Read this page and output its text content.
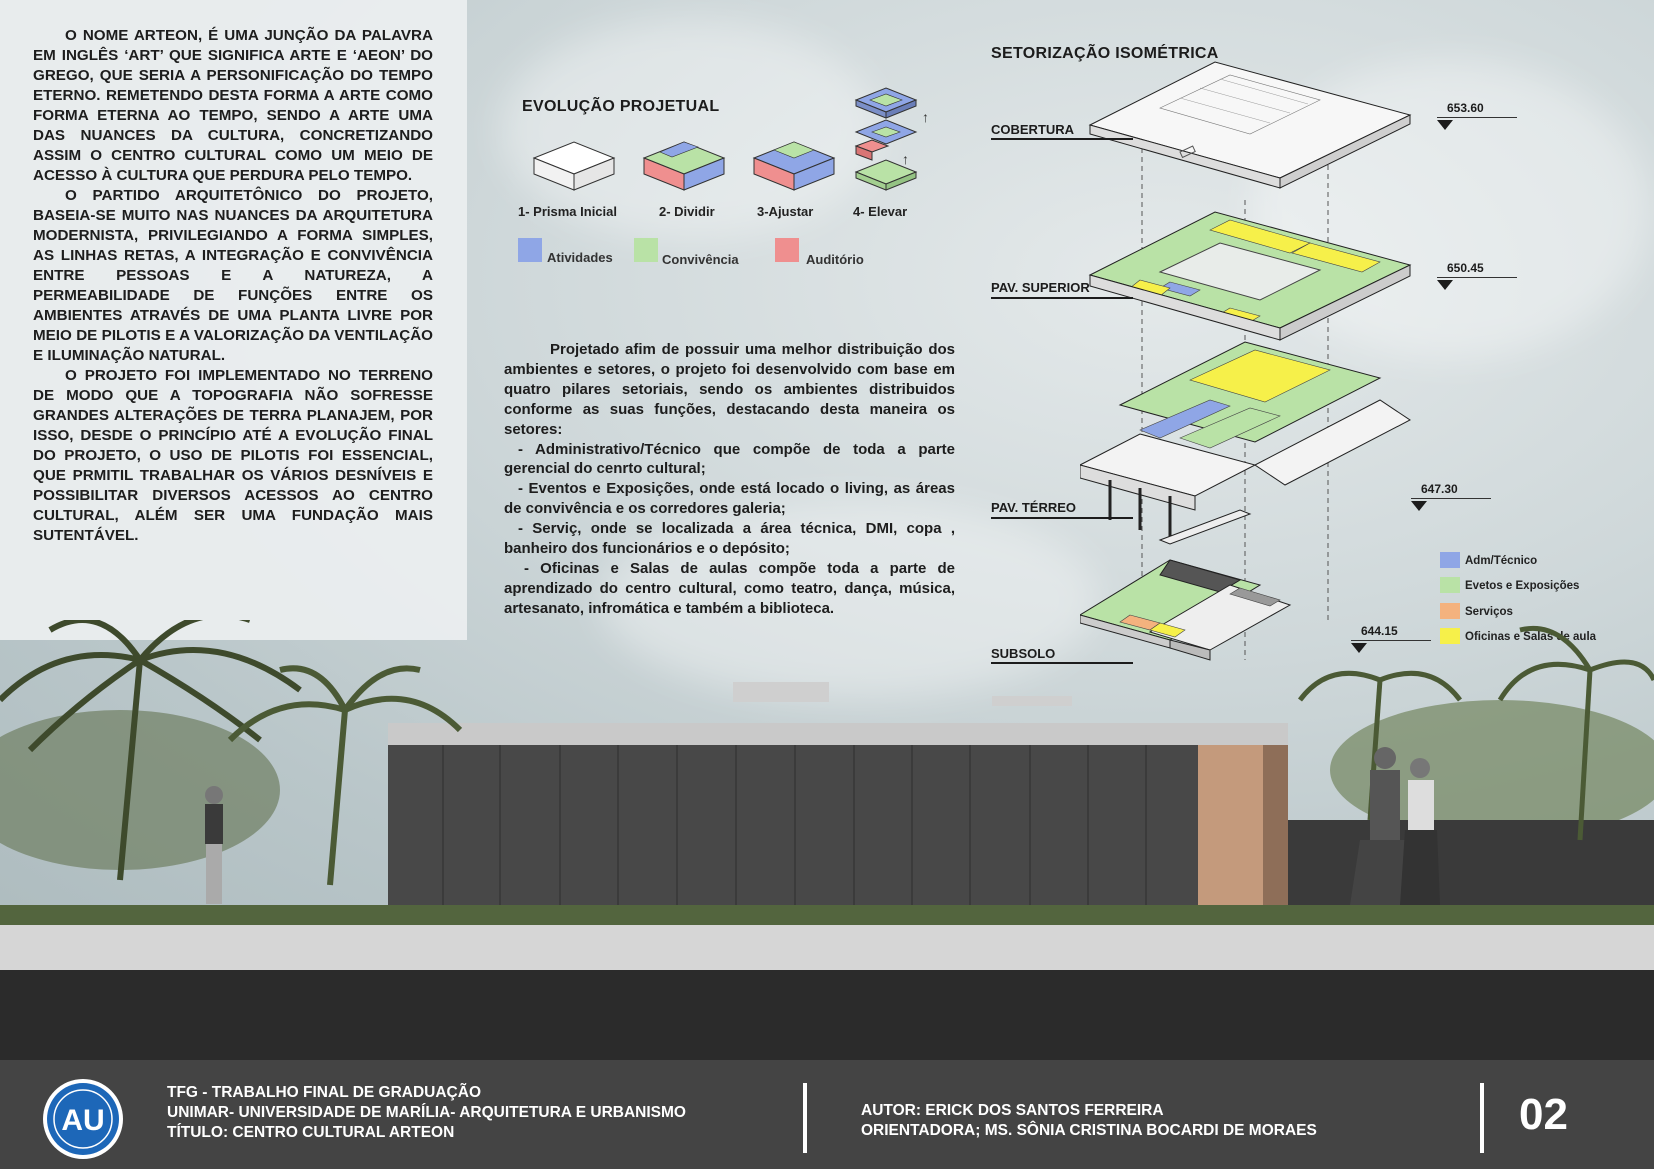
O NOME ARTEON, É UMA JUNÇÃO DA PALAVRA EM INGLÊS ‘ART’ QUE SIGNIFICA ARTE E ‘AEON’ DO GREGO, QUE SERIA A PERSONIFICAÇÃO DO TEMPO ETERNO. REMETENDO DESTA FORMA A ARTE COMO FORMA ETERNA AO TEMPO, SENDO A ARTE UMA DAS NUANCES DA CULTURA, CONCRETIZANDO ASSIM O CENTRO CULTURAL COMO UM MEIO DE ACESSO À CULTURA QUE PERDURA PELO TEMPO.

O PARTIDO ARQUITETÔNICO DO PROJETO, BASEIA-SE MUITO NAS NUANCES DA ARQUITETURA MODERNISTA, PRIVILEGIANDO A FORMA SIMPLES, AS LINHAS RETAS, A INTEGRAÇÃO E CONVIVÊNCIA ENTRE PESSOAS E A NATUREZA, A PERMEABILIDADE DE FUNÇÕES ENTRE OS AMBIENTES ATRAVÉS DE UMA PLANTA LIVRE POR MEIO DE PILOTIS E A VALORIZAÇÃO DA VENTILAÇÃO E ILUMINAÇÃO NATURAL.

O PROJETO FOI IMPLEMENTADO NO TERRENO DE MODO QUE A TOPOGRAFIA NÃO SOFRESSE GRANDES ALTERAÇÕES DE TERRA PLANAJEM, POR ISSO, DESDE O PRINCÍPIO ATÉ A EVOLUÇÃO FINAL DO PROJETO, O USO DE PILOTIS FOI ESSENCIAL, QUE PRMITIL TRABALHAR OS VÁRIOS DESNÍVEIS E POSSIBILITAR DIVERSOS ACESSOS AO CENTRO CULTURAL, ALÉM SER UMA FUNDAÇÃO MAIS SUTENTÁVEL.

EVOLUÇÃO PROJETUAL
↑
↑
1- Prisma Inicial	2- Dividir	3-Ajustar	4- Elevar
Atividades	Convivência	Auditório

Projetado afim de possuir uma melhor distribuição dos ambientes e setores, o projeto foi desenvolvido com base em quatro pilares setoriais, sendo os ambientes distribuidos conforme as suas funções, destacando desta maneira os setores:

- Administrativo/Técnico que compõe de toda a parte gerencial do cenrto cultural;

- Eventos e Exposições, onde está locado o living, as áreas de convivência e os corredores galeria;

- Serviç, onde se localizada a área técnica, DMI, copa , banheiro dos funcionários e o depósito;

- Oficinas e Salas de aulas compõe toda a parte de aprendizado do centro cultural, como teatro, dança, música, artesanato, infromática e também a biblioteca.

SETORIZAÇÃO ISOMÉTRICA
COBERTURA
PAV. SUPERIOR
PAV. TÉRREO
SUBSOLO
653.60
650.45
647.30
644.15
Adm/Técnico
Evetos e Exposições
Serviços
Oficinas e Salas de aula
AU
TFG - TRABALHO FINAL DE GRADUAÇÃO
UNIMAR- UNIVERSIDADE DE MARÍLIA- ARQUITETURA E URBANISMO
TÍTULO: CENTRO CULTURAL ARTEON
AUTOR: ERICK DOS SANTOS FERREIRA
ORIENTADORA; MS. SÔNIA CRISTINA BOCARDI DE MORAES	02
